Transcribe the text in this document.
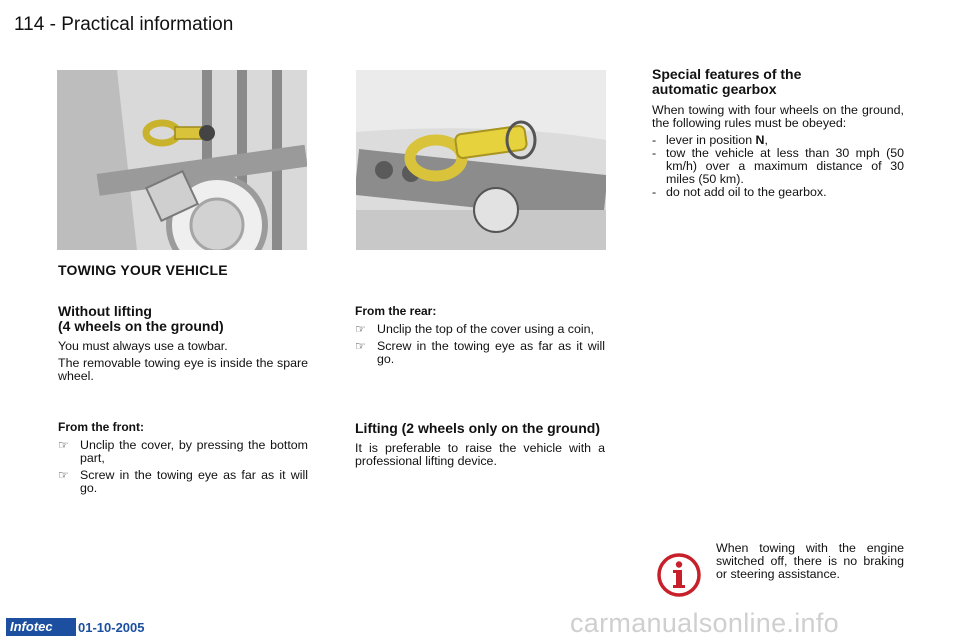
114 - Practical information
TOWING YOUR VEHICLE
Without lifting
(4 wheels on the ground)
You must always use a towbar.
The removable towing eye is inside the spare wheel.
From the front:
☞ Unclip the cover, by pressing the bottom part,
☞ Screw in the towing eye as far as it will go.
From the rear:
☞ Unclip the top of the cover using a coin,
☞ Screw in the towing eye as far as it will go.
Lifting (2 wheels only on the ground)
It is preferable to raise the vehicle with a professional lifting device.
Special features of the automatic gearbox
When towing with four wheels on the ground, the following rules must be obeyed:
- lever in position N,
- tow the vehicle at less than 30 mph (50 km/h) over a maximum distance of 30 miles (50 km).
- do not add oil to the gearbox.
When towing with the engine switched off, there is no braking or steering assistance.
Infotec	01-10-2005	carmanualsonline.info
